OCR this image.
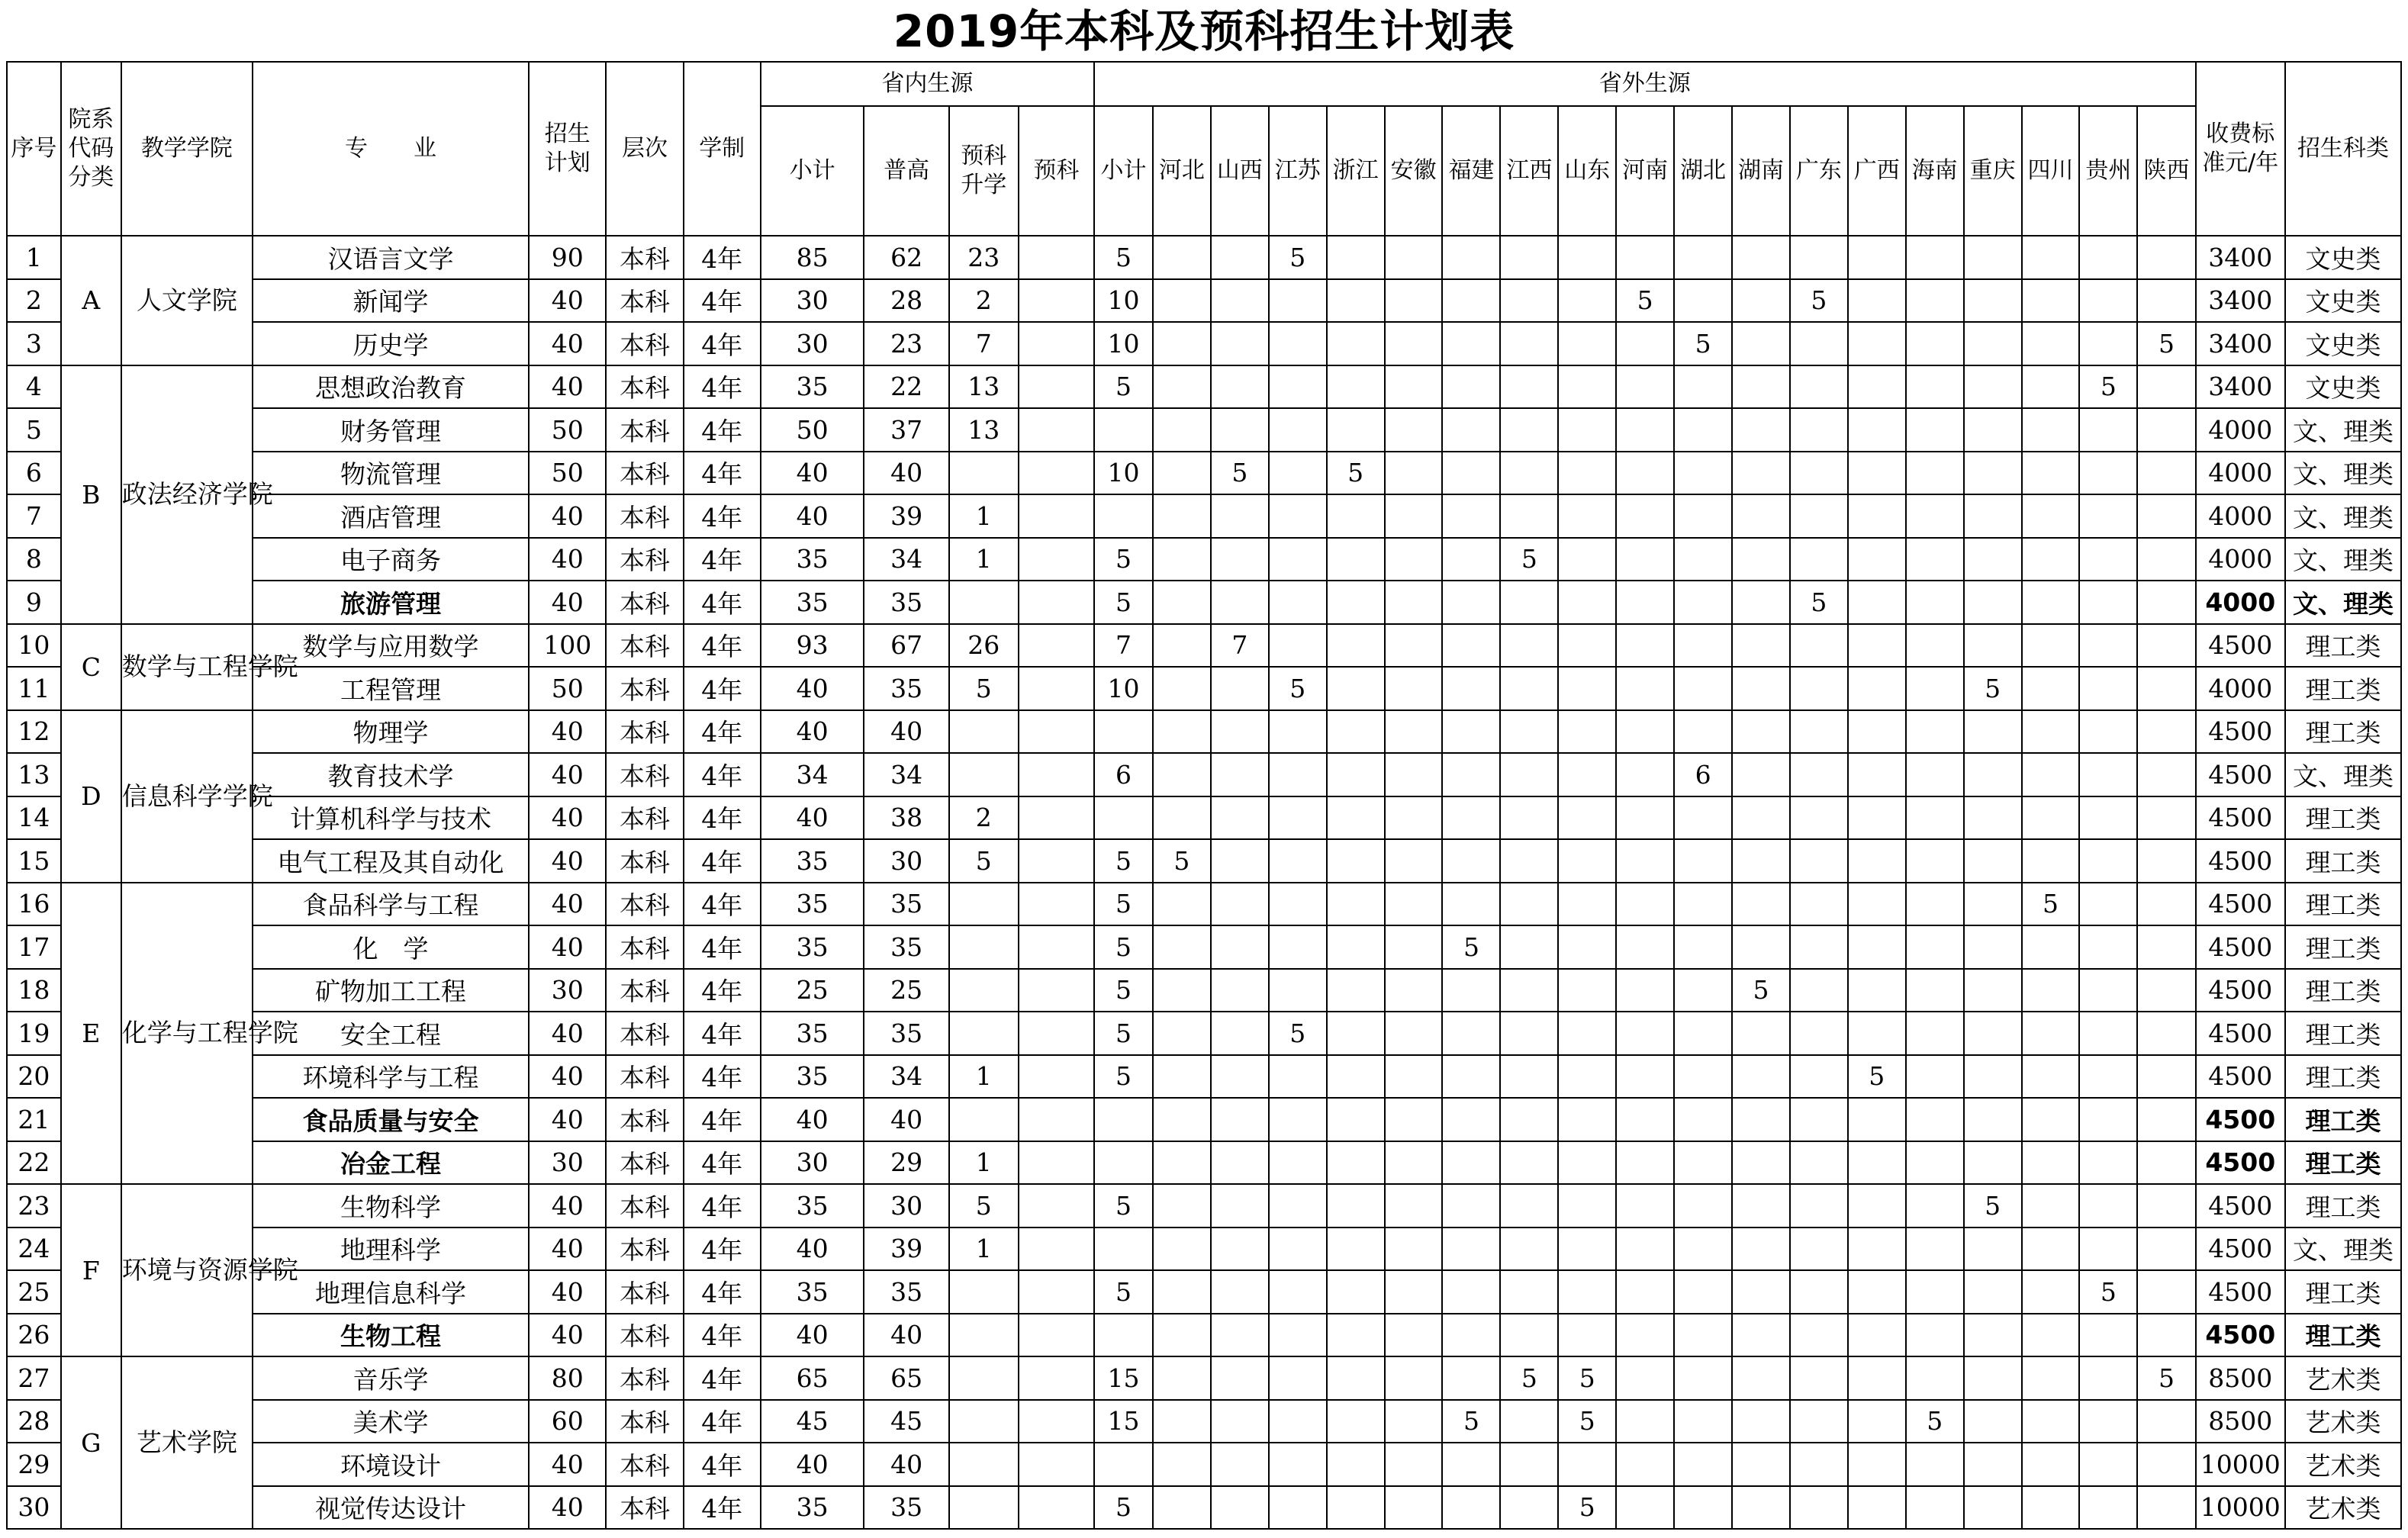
2019年本科及预科招生计划表
序号	院系代码分类	教学学院	专　　业	招生计划	层次	学制	省内生源				省外生源																			收费标准元/年	招生科类
							小计	普高	预科升学	预科	小计	河北	山西	江苏	浙江	安徽	福建	江西	山东	河南	湖北	湖南	广东	广西	海南	重庆	四川	贵州	陕西		
1	A	人文学院	汉语言文学	90	本科	4年	85	62	23		5			5																3400	文史类
2			新闻学	40	本科	4年	30	28	2		10									5			5							3400	文史类
3			历史学	40	本科	4年	30	23	7		10										5								5	3400	文史类
4	B	政法经济学院	思想政治教育	40	本科	4年	35	22	13		5																	5		3400	文史类
5			财务管理	50	本科	4年	50	37	13																					4000	文、理类
6			物流管理	50	本科	4年	40	40			10		5		5															4000	文、理类
7			酒店管理	40	本科	4年	40	39	1																					4000	文、理类
8			电子商务	40	本科	4年	35	34	1		5							5												4000	文、理类
9			旅游管理	40	本科	4年	35	35			5												5							4000	文、理类
10	C	数学与工程学院	数学与应用数学	100	本科	4年	93	67	26		7		7																	4500	理工类
11			工程管理	50	本科	4年	40	35	5		10			5												5				4000	理工类
12	D	信息科学学院	物理学	40	本科	4年	40	40																						4500	理工类
13			教育技术学	40	本科	4年	34	34			6										6									4500	文、理类
14			计算机科学与技术	40	本科	4年	40	38	2																					4500	理工类
15			电气工程及其自动化	40	本科	4年	35	30	5		5	5																		4500	理工类
16	E	化学与工程学院	食品科学与工程	40	本科	4年	35	35			5																5			4500	理工类
17			化　学	40	本科	4年	35	35			5						5													4500	理工类
18			矿物加工工程	30	本科	4年	25	25			5											5								4500	理工类
19			安全工程	40	本科	4年	35	35			5			5																4500	理工类
20			环境科学与工程	40	本科	4年	35	34	1		5													5						4500	理工类
21			食品质量与安全	40	本科	4年	40	40																						4500	理工类
22			冶金工程	30	本科	4年	30	29	1																					4500	理工类
23	F	环境与资源学院	生物科学	40	本科	4年	35	30	5		5															5				4500	理工类
24			地理科学	40	本科	4年	40	39	1																					4500	文、理类
25			地理信息科学	40	本科	4年	35	35			5																	5		4500	理工类
26			生物工程	40	本科	4年	40	40																						4500	理工类
27	G	艺术学院	音乐学	80	本科	4年	65	65			15							5	5										5	8500	艺术类
28			美术学	60	本科	4年	45	45			15						5		5						5					8500	艺术类
29			环境设计	40	本科	4年	40	40																						10000	艺术类
30			视觉传达设计	40	本科	4年	35	35			5								5											10000	艺术类
